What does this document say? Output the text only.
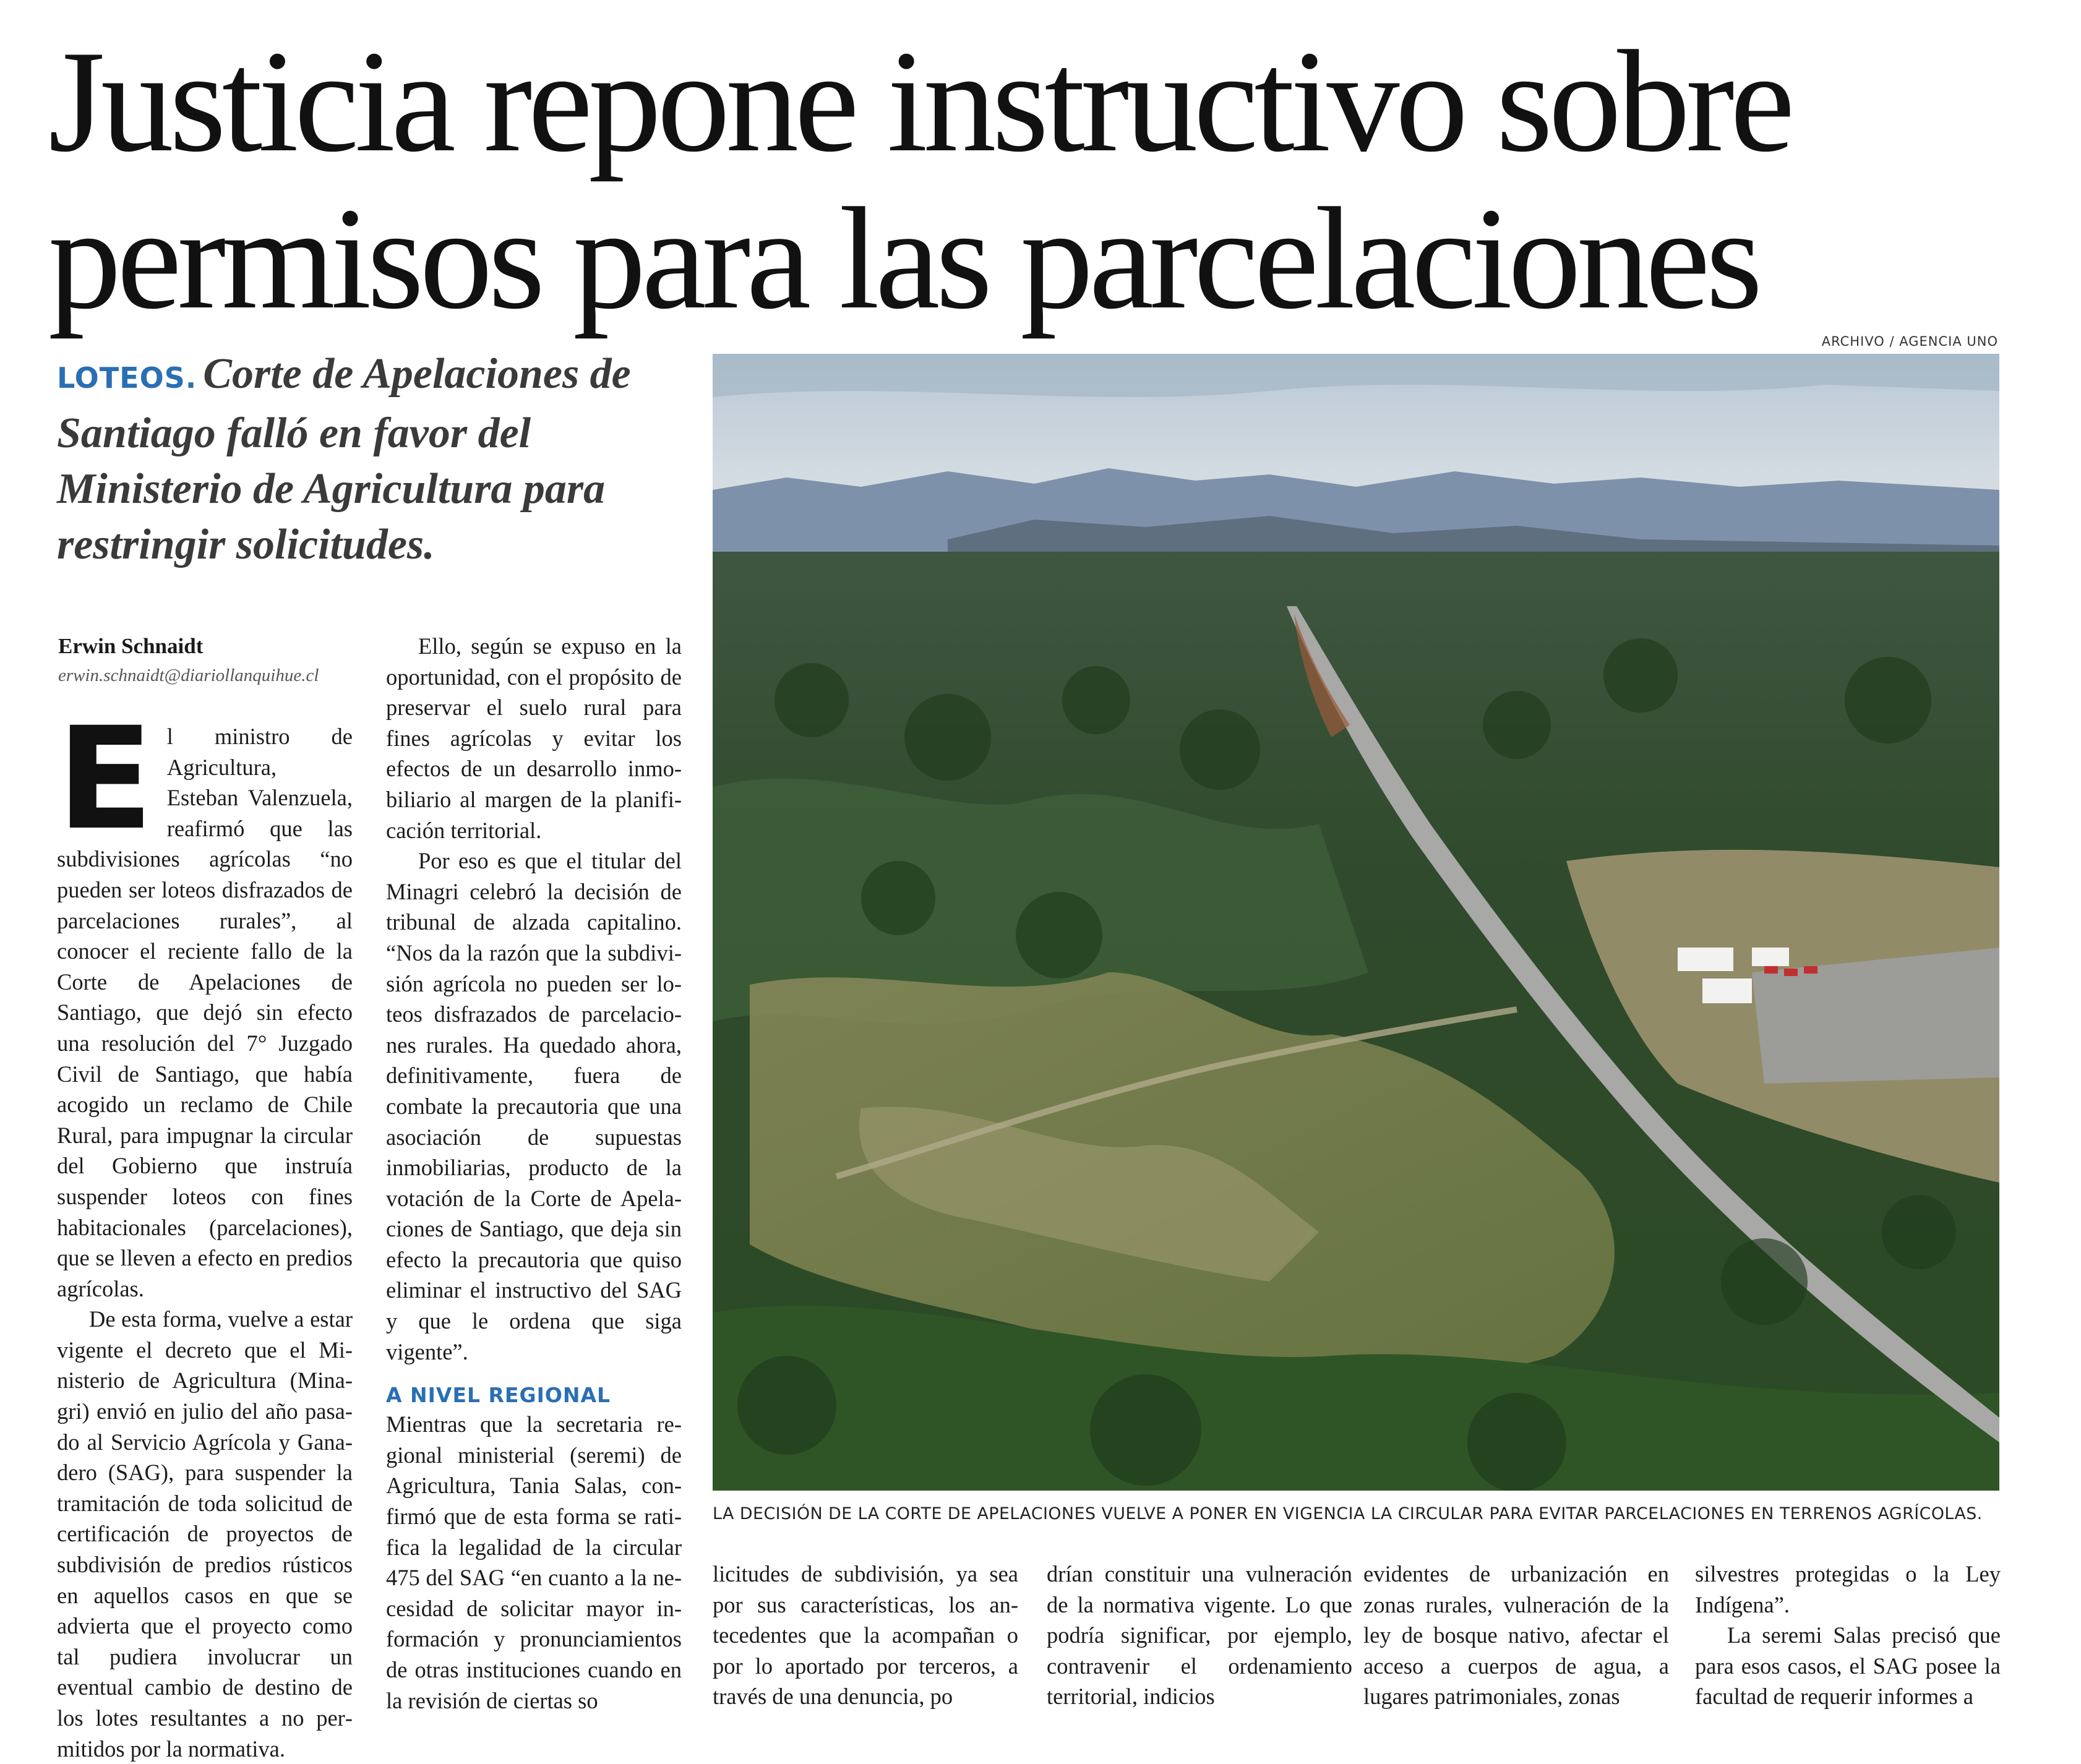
Justicia repone instructivo sobre
permisos para las parcelaciones
LOTEOS. Corte de Apelaciones de Santiago falló en favor del Ministerio de Agricultura para restringir solicitudes.
Erwin Schnaidt
erwin.schnaidt@diariollanquihue.cl

El ministro de Agricultura, Esteban Valenzuela, reafirmó que las subdivisiones agrícolas “no pueden ser loteos disfrazados de parcelaciones rurales”, al conocer el reciente fallo de la Corte de Apelaciones de Santiago, que dejó sin efecto una resolución del 7° Juzgado Civil de Santiago, que había acogido un reclamo de Chile Rural, para impugnar la circular del Gobierno que instruía suspender loteos con fines habitacionales (parcelaciones), que se lleven a efecto en predios agrícolas.

De esta forma, vuelve a estar vigente el decreto que el Ministerio de Agricultura (Minagri) envió en julio del año pasado al Servicio Agrícola y Ganadero (SAG), para suspender la tramitación de toda solicitud de certificación de proyectos de subdivisión de predios rústicos en aquellos casos en que se advierta que el proyecto como tal pudiera involucrar un eventual cambio de destino de los lotes resultantes a no permitidos por la normativa.

Ello, según se expuso en la oportunidad, con el propósito de preservar el suelo rural para fines agrícolas y evitar los efectos de un desarrollo inmobiliario al margen de la planificación territorial.

Por eso es que el titular del Minagri celebró la decisión de tribunal de alzada capitalino. “Nos da la razón que la subdivisión agrícola no pueden ser loteos disfrazados de parcelaciones rurales. Ha quedado ahora, definitivamente, fuera de combate la precautoria que una asociación de supuestas inmobiliarias, producto de la votación de la Corte de Apelaciones de Santiago, que deja sin efecto la precautoria que quiso eliminar el instructivo del SAG y que le ordena que siga vigente”.

A NIVEL REGIONAL

Mientras que la secretaria regional ministerial (seremi) de Agricultura, Tania Salas, confirmó que de esta forma se ratifica la legalidad de la circular 475 del SAG “en cuanto a la necesidad de solicitar mayor información y pronunciamientos de otras instituciones cuando en la revisión de ciertas so

ARCHIVO / AGENCIA UNO
LA DECISIÓN DE LA CORTE DE APELACIONES VUELVE A PONER EN VIGENCIA LA CIRCULAR PARA EVITAR PARCELACIONES EN TERRENOS AGRÍCOLAS.

licitudes de subdivisión, ya sea por sus características, los antecedentes que la acompañan o por lo aportado por terceros, a través de una denuncia, po

drían constituir una vulneración de la normativa vigente. Lo que podría significar, por ejemplo, contravenir el ordenamiento territorial, indicios

evidentes de urbanización en zonas rurales, vulneración de la ley de bosque nativo, afectar el acceso a cuerpos de agua, a lugares patrimoniales, zonas

silvestres protegidas o la Ley Indígena”.

La seremi Salas precisó que para esos casos, el SAG posee la facultad de requerir informes a
